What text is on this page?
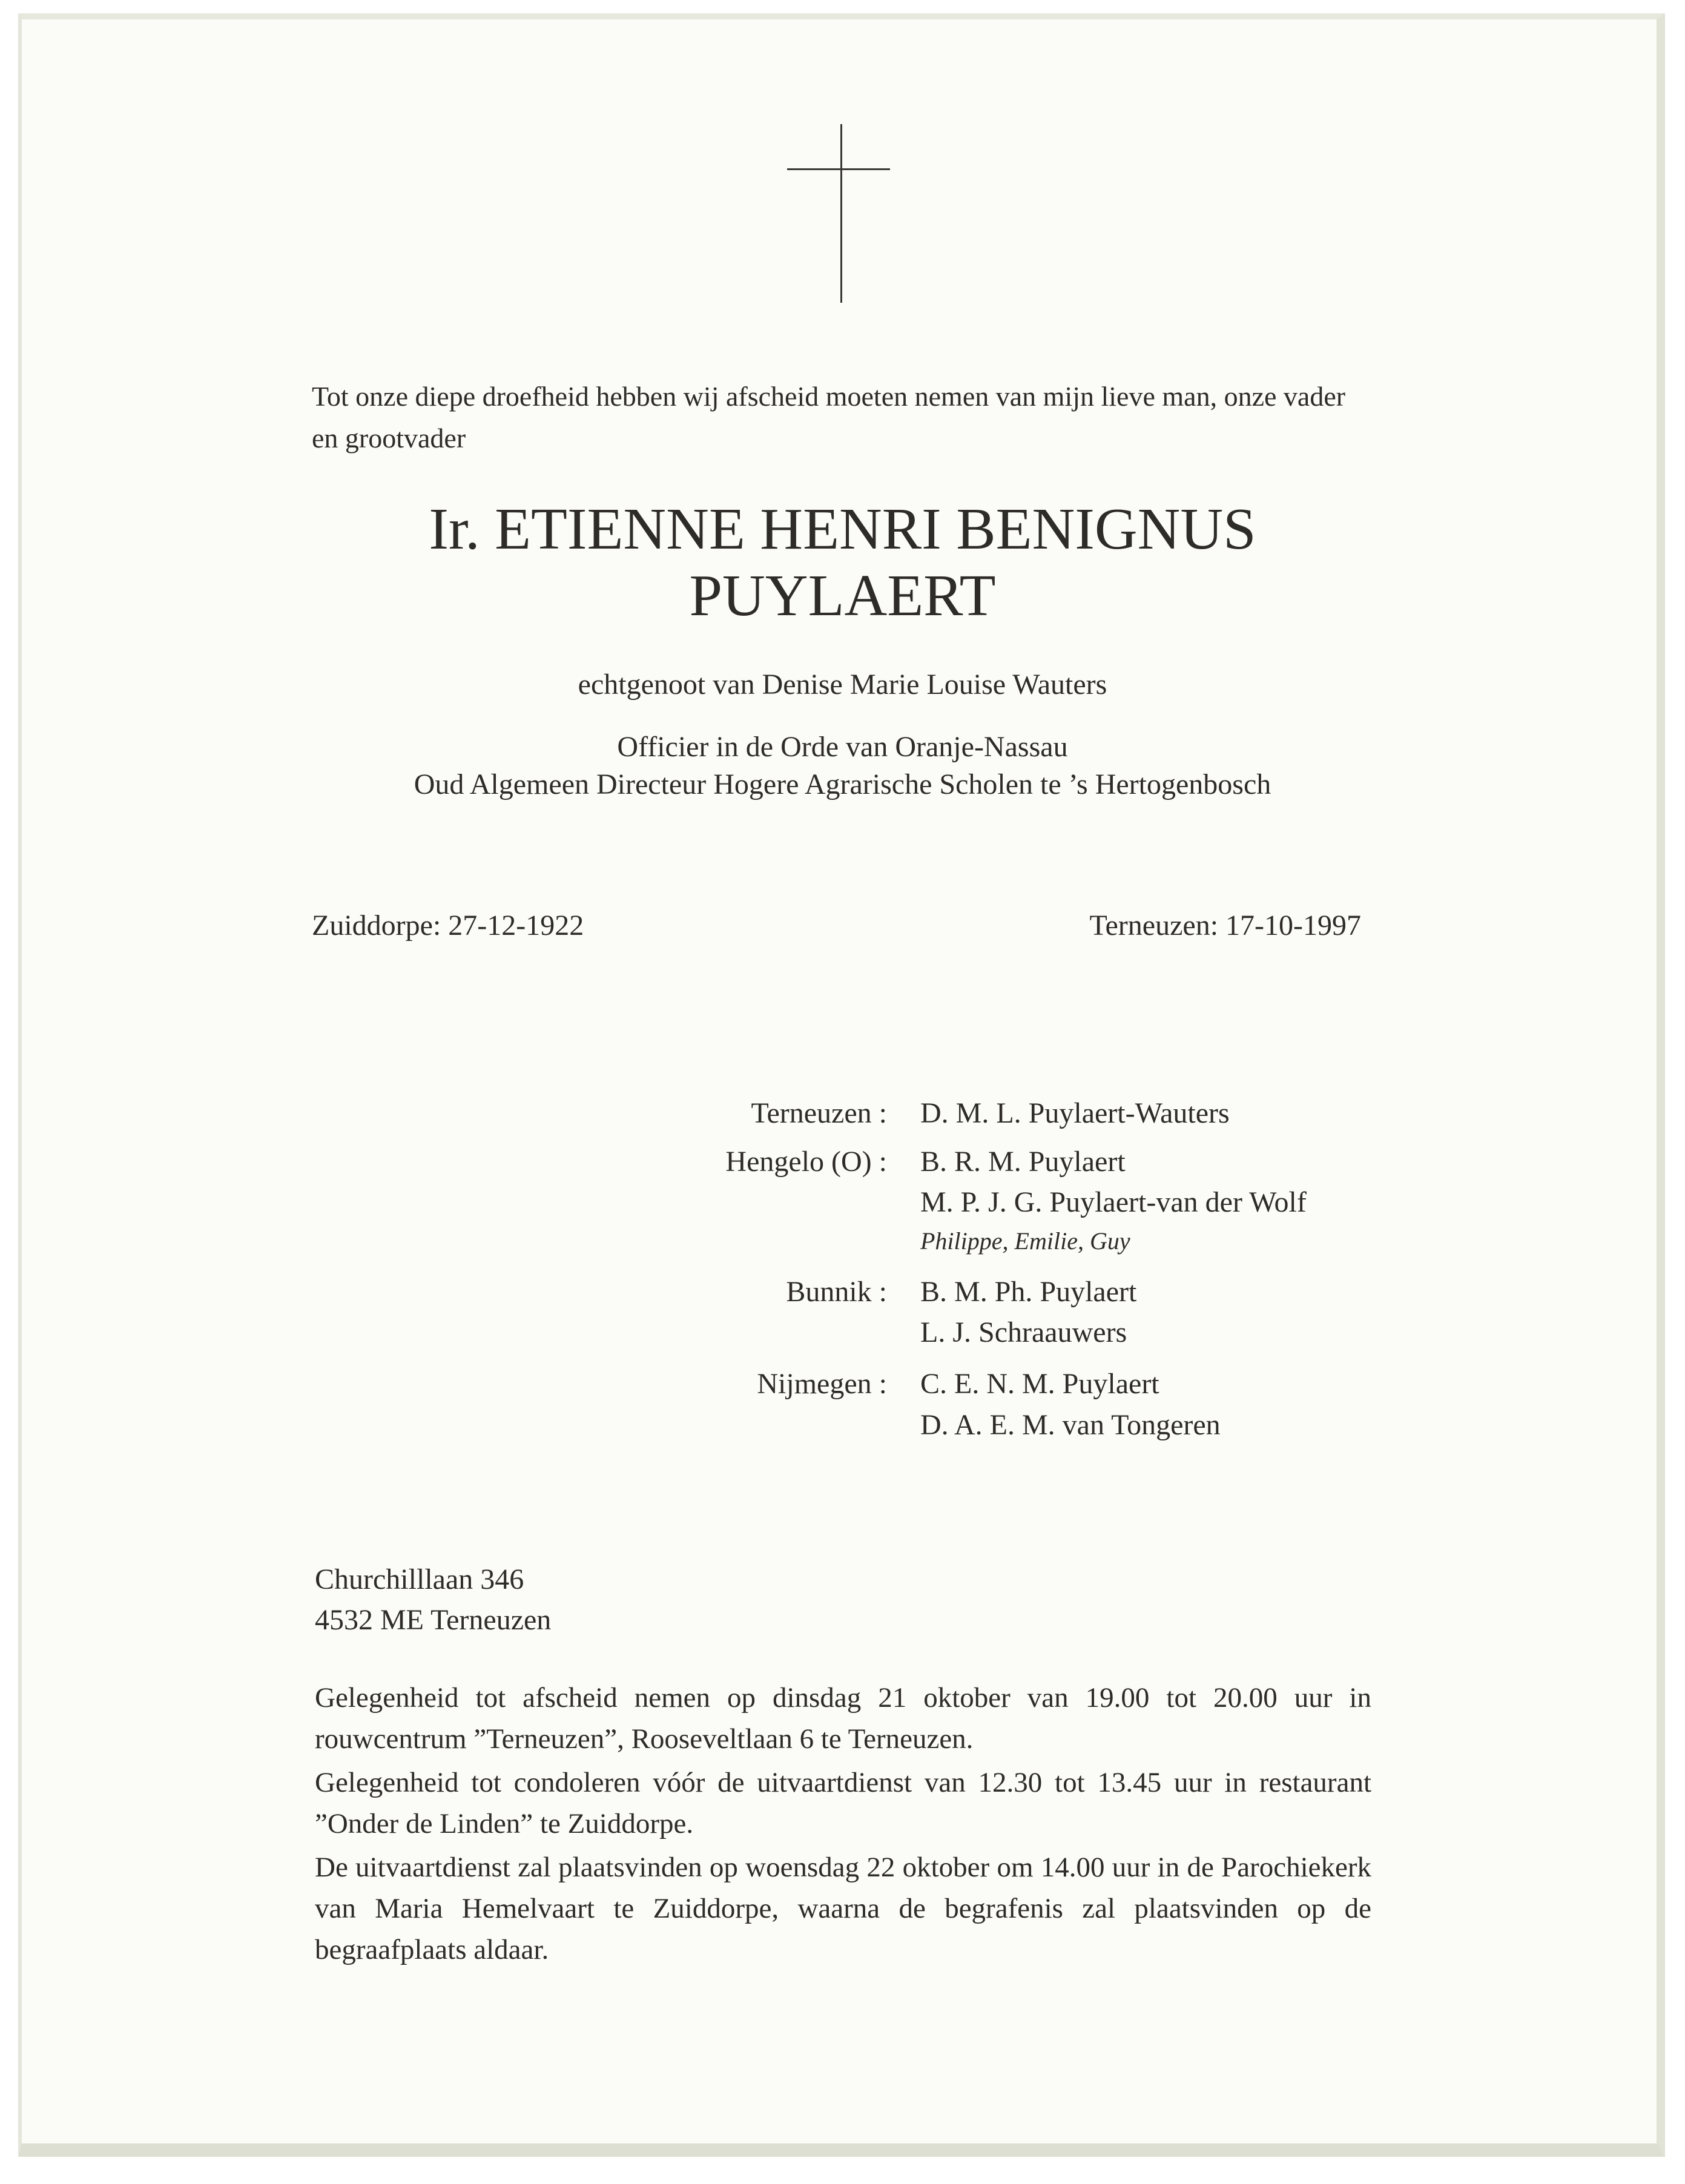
Tot onze diepe droefheid hebben wij afscheid moeten nemen van mijn lieve man, onze vader en grootvader
Ir. ETIENNE HENRI BENIGNUS
PUYLAERT
echtgenoot van Denise Marie Louise Wauters
Officier in de Orde van Oranje-Nassau
Oud Algemeen Directeur Hogere Agrarische Scholen te ’s Hertogenbosch
Zuiddorpe: 27-12-1922	Terneuzen: 17-10-1997
Terneuzen : D. M. L. Puylaert-Wauters
Hengelo (O) : B. R. M. Puylaert
M. P. J. G. Puylaert-van der Wolf
Philippe, Emilie, Guy
Bunnik : B. M. Ph. Puylaert
L. J. Schraauwers
Nijmegen : C. E. N. M. Puylaert
D. A. E. M. van Tongeren
Churchilllaan 346
4532 ME Terneuzen
Gelegenheid tot afscheid nemen op dinsdag 21 oktober van 19.00 tot 20.00 uur in rouwcentrum ”Terneuzen”, Rooseveltlaan 6 te Terneuzen.
Gelegenheid tot condoleren vóór de uitvaartdienst van 12.30 tot 13.45 uur in restaurant ”Onder de Linden” te Zuiddorpe.
De uitvaartdienst zal plaatsvinden op woensdag 22 oktober om 14.00 uur in de Parochiekerk van Maria Hemelvaart te Zuiddorpe, waarna de begrafenis zal plaatsvinden op de begraafplaats aldaar.
